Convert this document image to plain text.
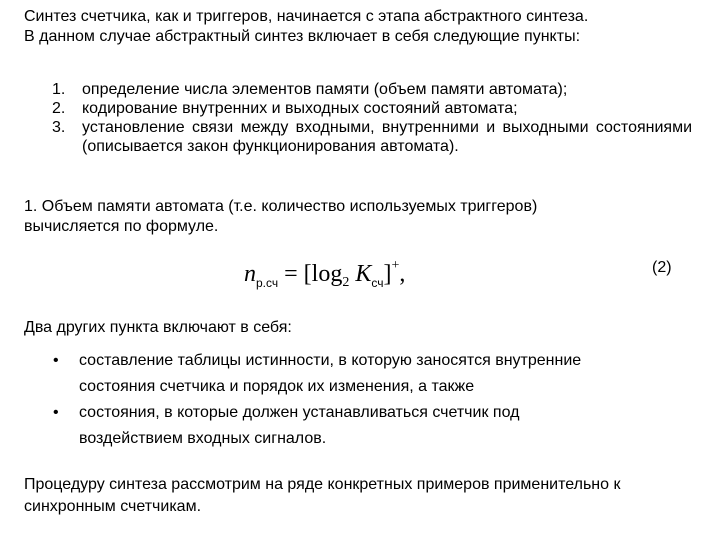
Синтез счетчика, как и триггеров, начинается с этапа абстрактного синтеза.
В данном случае абстрактный синтез включает в себя следующие пункты:
1. определение числа элементов памяти (объем памяти автомата);
2. кодирование внутренних и выходных состояний автомата;
3. установление связи между входными, внутренними и выходными состояниями (описывается закон функционирования автомата).
1. Объем памяти автомата (т.е. количество используемых триггеров)
вычисляется по формуле.
$n_{р.сч} = [\log_2$ $K_{сч}]^+$,	(2)
Два других пункта включают в себя:
• составление таблицы истинности, в которую заносятся внутренние
состояния счетчика и порядок их изменения, а также
• состояния, в которые должен устанавливаться счетчик под
воздействием входных сигналов.
Процедуру синтеза рассмотрим на ряде конкретных примеров применительно к
синхронным счетчикам.
